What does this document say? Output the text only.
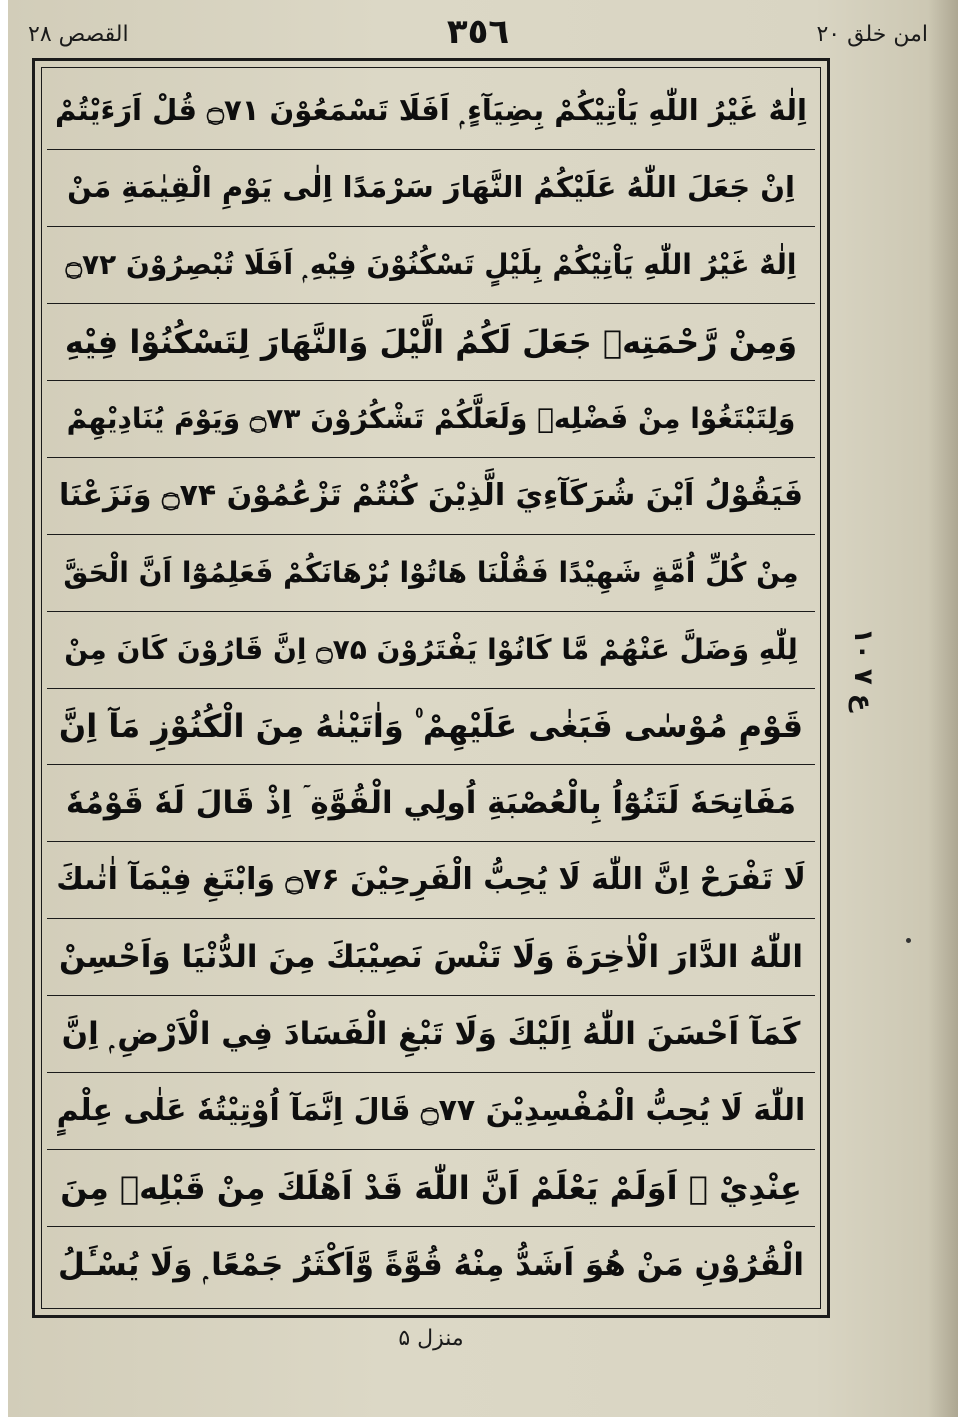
القصص ۲۸	٣٥٦	امن خلق ۲۰
اِلٰهٌ غَيْرُ اللّٰهِ يَاْتِيْكُمْ بِضِيَآءٍ ۭ اَفَلَا تَسْمَعُوْنَ ۝۷۱ قُلْ اَرَءَيْتُمْ
اِنْ جَعَلَ اللّٰهُ عَلَيْكُمُ النَّهَارَ سَرْمَدًا اِلٰى يَوْمِ الْقِيٰمَةِ مَنْ
اِلٰهٌ غَيْرُ اللّٰهِ يَاْتِيْكُمْ بِلَيْلٍ تَسْكُنُوْنَ فِيْهِ ۭ اَفَلَا تُبْصِرُوْنَ ۝۷۲
وَمِنْ رَّحْمَتِهٖ جَعَلَ لَكُمُ الَّيْلَ وَالنَّهَارَ لِتَسْكُنُوْا فِيْهِ
وَلِتَبْتَغُوْا مِنْ فَضْلِهٖ وَلَعَلَّكُمْ تَشْكُرُوْنَ ۝۷۳ وَيَوْمَ يُنَادِيْهِمْ
فَيَقُوْلُ اَيْنَ شُرَكَآءِيَ الَّذِيْنَ كُنْتُمْ تَزْعُمُوْنَ ۝۷۴ وَنَزَعْنَا
مِنْ كُلِّ اُمَّةٍ شَهِيْدًا فَقُلْنَا هَاتُوْا بُرْهَانَكُمْ فَعَلِمُوْٓا اَنَّ الْحَقَّ
لِلّٰهِ وَضَلَّ عَنْهُمْ مَّا كَانُوْا يَفْتَرُوْنَ ۝۷۵ اِنَّ قَارُوْنَ كَانَ مِنْ
قَوْمِ مُوْسٰى فَبَغٰى عَلَيْهِمْ ۠ وَاٰتَيْنٰهُ مِنَ الْكُنُوْزِ مَآ اِنَّ
مَفَاتِحَهٗ لَتَنُوْٓاُ بِالْعُصْبَةِ اُولِي الْقُوَّةِ ۤ اِذْ قَالَ لَهٗ قَوْمُهٗ
لَا تَفْرَحْ اِنَّ اللّٰهَ لَا يُحِبُّ الْفَرِحِيْنَ ۝۷۶ وَابْتَغِ فِيْمَآ اٰتٰىكَ
اللّٰهُ الدَّارَ الْاٰخِرَةَ وَلَا تَنْسَ نَصِيْبَكَ مِنَ الدُّنْيَا وَاَحْسِنْ
كَمَآ اَحْسَنَ اللّٰهُ اِلَيْكَ وَلَا تَبْغِ الْفَسَادَ فِي الْاَرْضِ ۭ اِنَّ
اللّٰهَ لَا يُحِبُّ الْمُفْسِدِيْنَ ۝۷۷ قَالَ اِنَّمَآ اُوْتِيْتُهٗ عَلٰى عِلْمٍ
عِنْدِيْ ۭ اَوَلَمْ يَعْلَمْ اَنَّ اللّٰهَ قَدْ اَهْلَكَ مِنْ قَبْلِهٖ مِنَ
الْقُرُوْنِ مَنْ هُوَ اَشَدُّ مِنْهُ قُوَّةً وَّاَكْثَرُ جَمْعًا ۭ وَلَا يُسْـَٔلُ
ع ۷ ۱۰
منزل ۵
